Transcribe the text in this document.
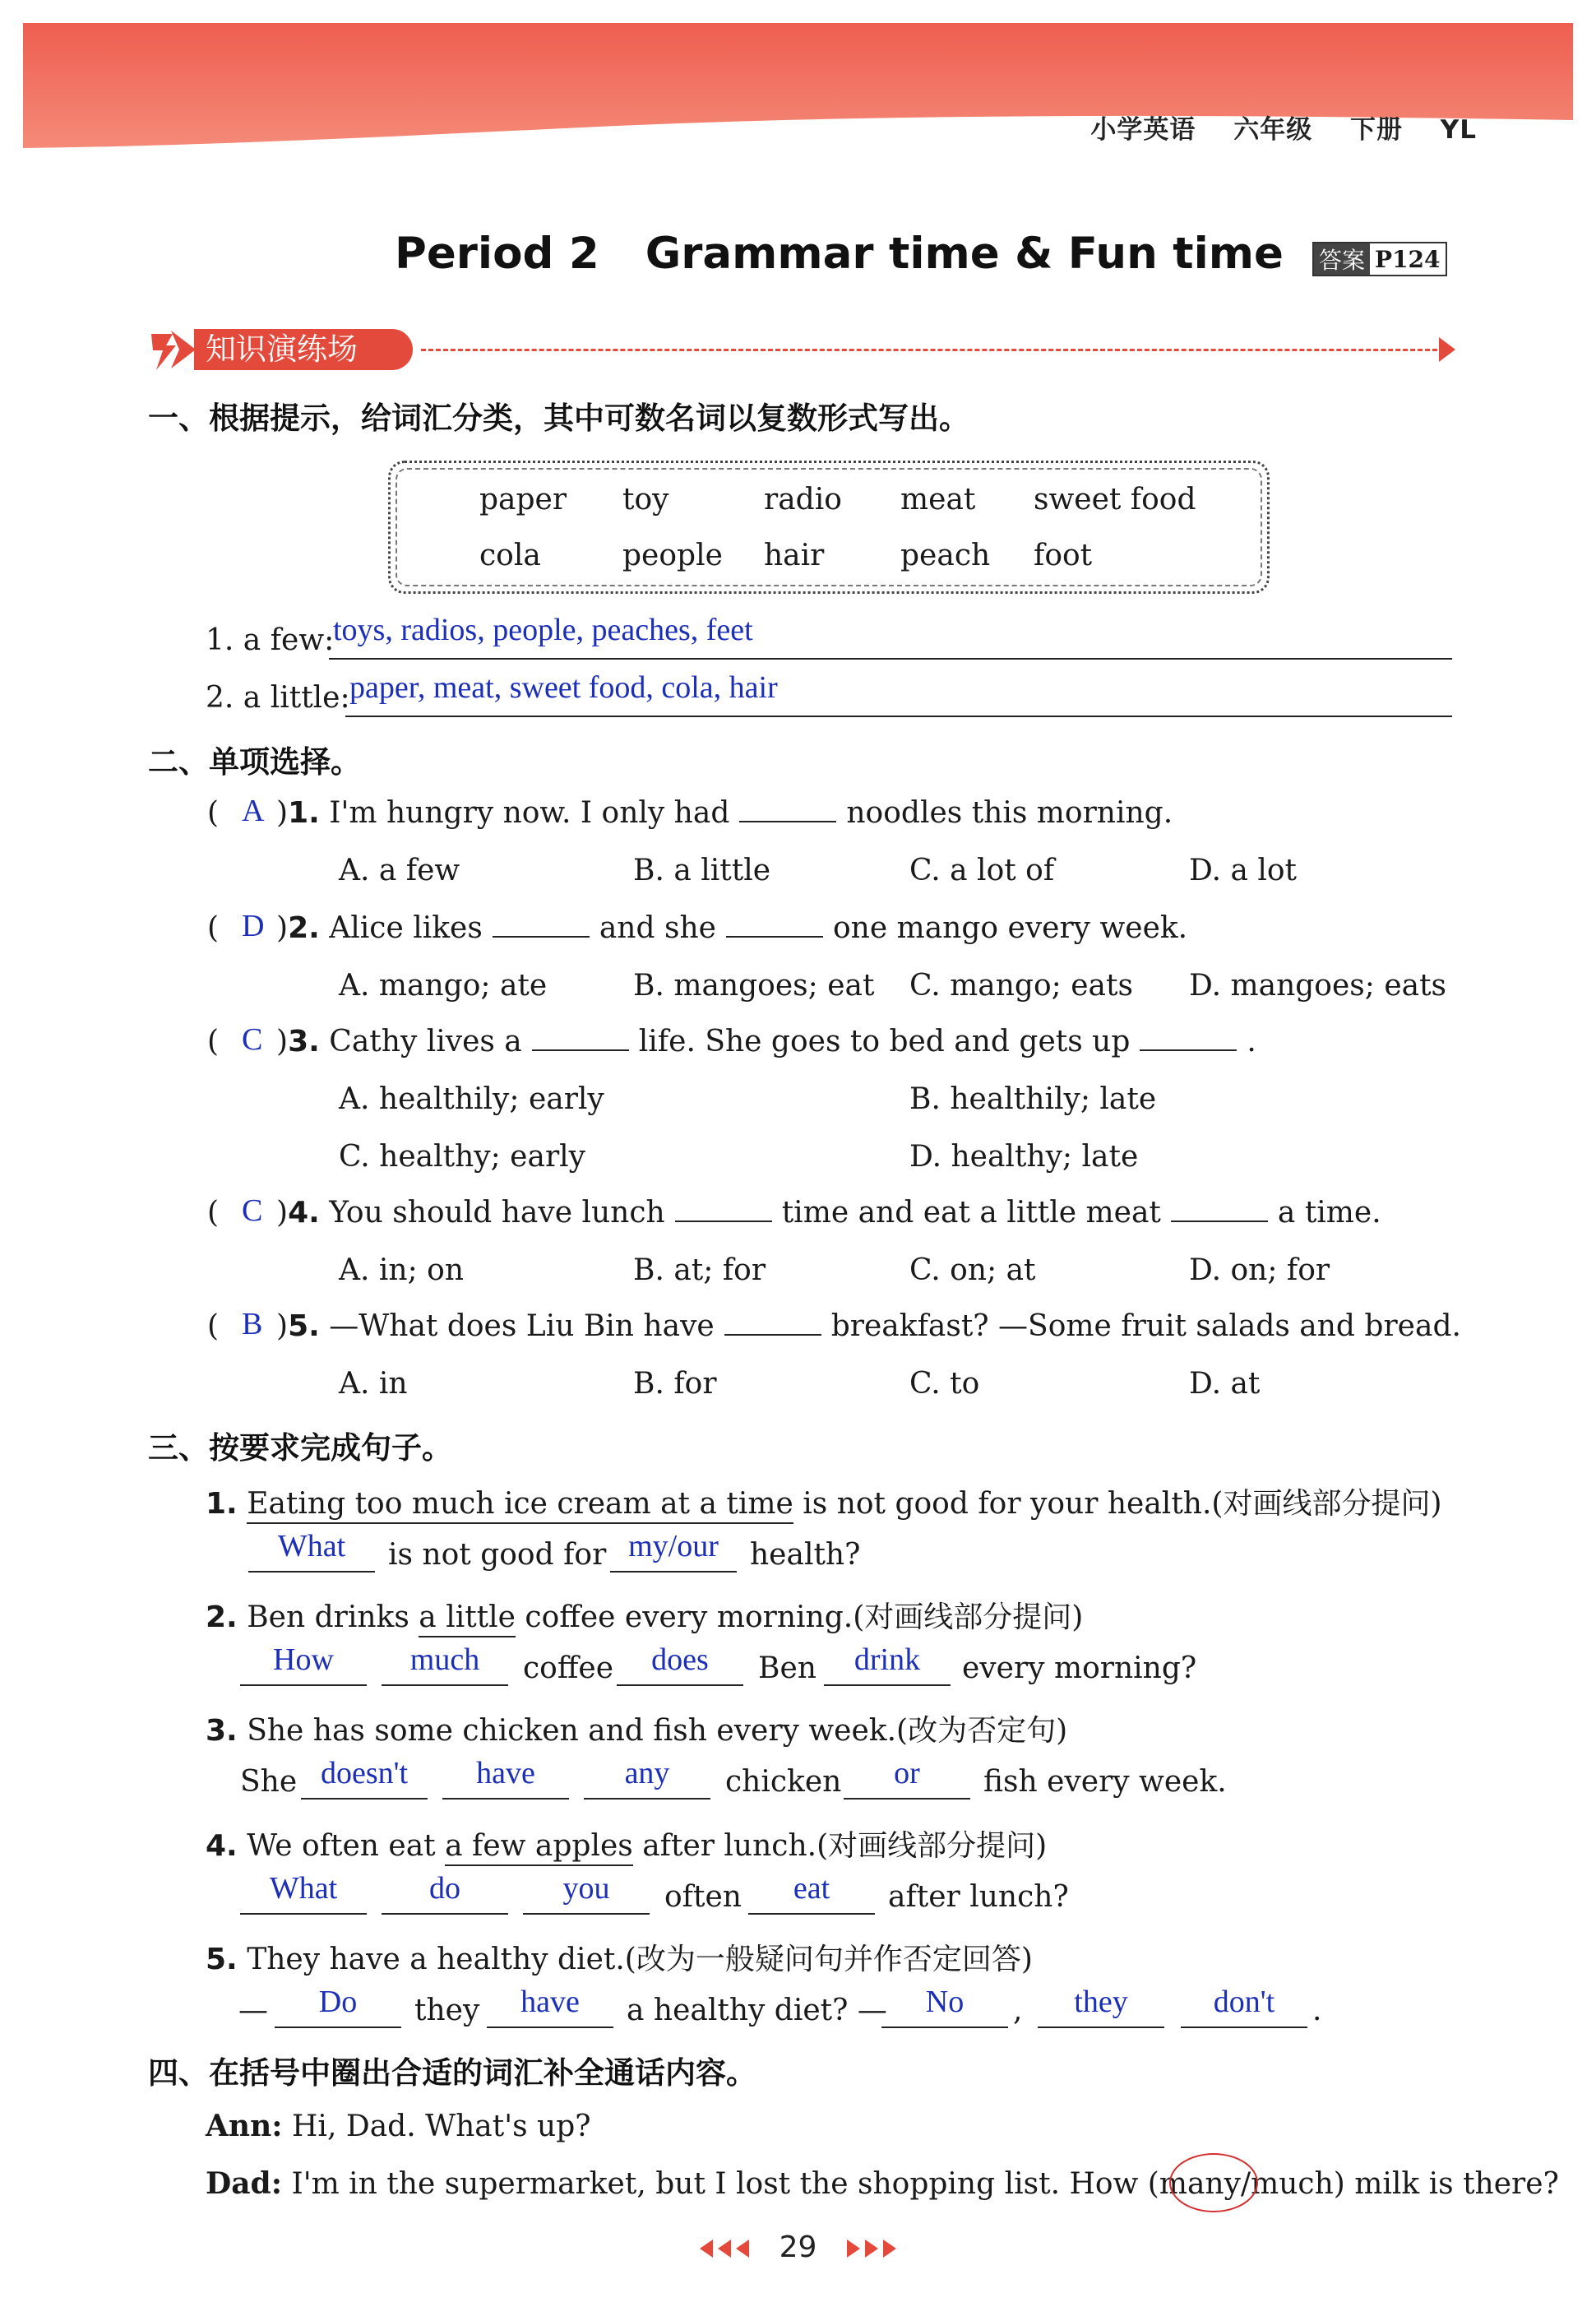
小学英语 六年级 下册 YL
Period 2 Grammar time & Fun time 答案 P124
知识演练场
一、根据提示，给词汇分类，其中可数名词以复数形式写出。
paper	toy	radio	meat	sweet food
cola	people	hair	peach	foot
1. a few:
toys, radios, people, peaches, feet
2. a little: paper, meat, sweet food, cola, hair
二、单项选择。
( )1. I'm hungry now. I only had	noodles this morning.
A
A. a few	B. a little	C. a lot of	D. a lot
( )2. Alice likes	and she	one mango every week.
D
A. mango; ate	B. mangoes; eat C. mango; eats D. mangoes; eats
( )3. Cathy lives a	life. She goes to bed and gets up	.
C
A. healthily; early	B. healthily; late
C. healthy; early	D. healthy; late
( )4. You should have lunch	time and eat a little meat	a time.
C
A. in; on	B. at; for	C. on; at	D. on; for
( )5. —What does Liu Bin have	breakfast? —Some fruit salads and bread.
B
A. in	B. for	C. to	D. at
三、按要求完成句子。
1. Eating too much ice cream at a time is not good for your health.(对画线部分提问)
What	is not good for my/our	health?
2. Ben drinks a little coffee every morning.(对画线部分提问)
How	much	coffee	does	Ben	drink	every morning?
3. She has some chicken and fish every week.(改为否定句)
She doesn't	have	any	chicken	or	fish every week.
4. We often eat a few apples after lunch.(对画线部分提问)
What	do	you	often	eat	after lunch?
5. They have a healthy diet.(改为一般疑问句并作否定回答)
—	Do	they	have	a healthy diet? —	No	,	they	don't	.
四、在括号中圈出合适的词汇补全通话内容。
Ann: Hi, Dad. What's up?
Dad: I'm in the supermarket, but I lost the shopping list. How (many/much) milk is there?
29
